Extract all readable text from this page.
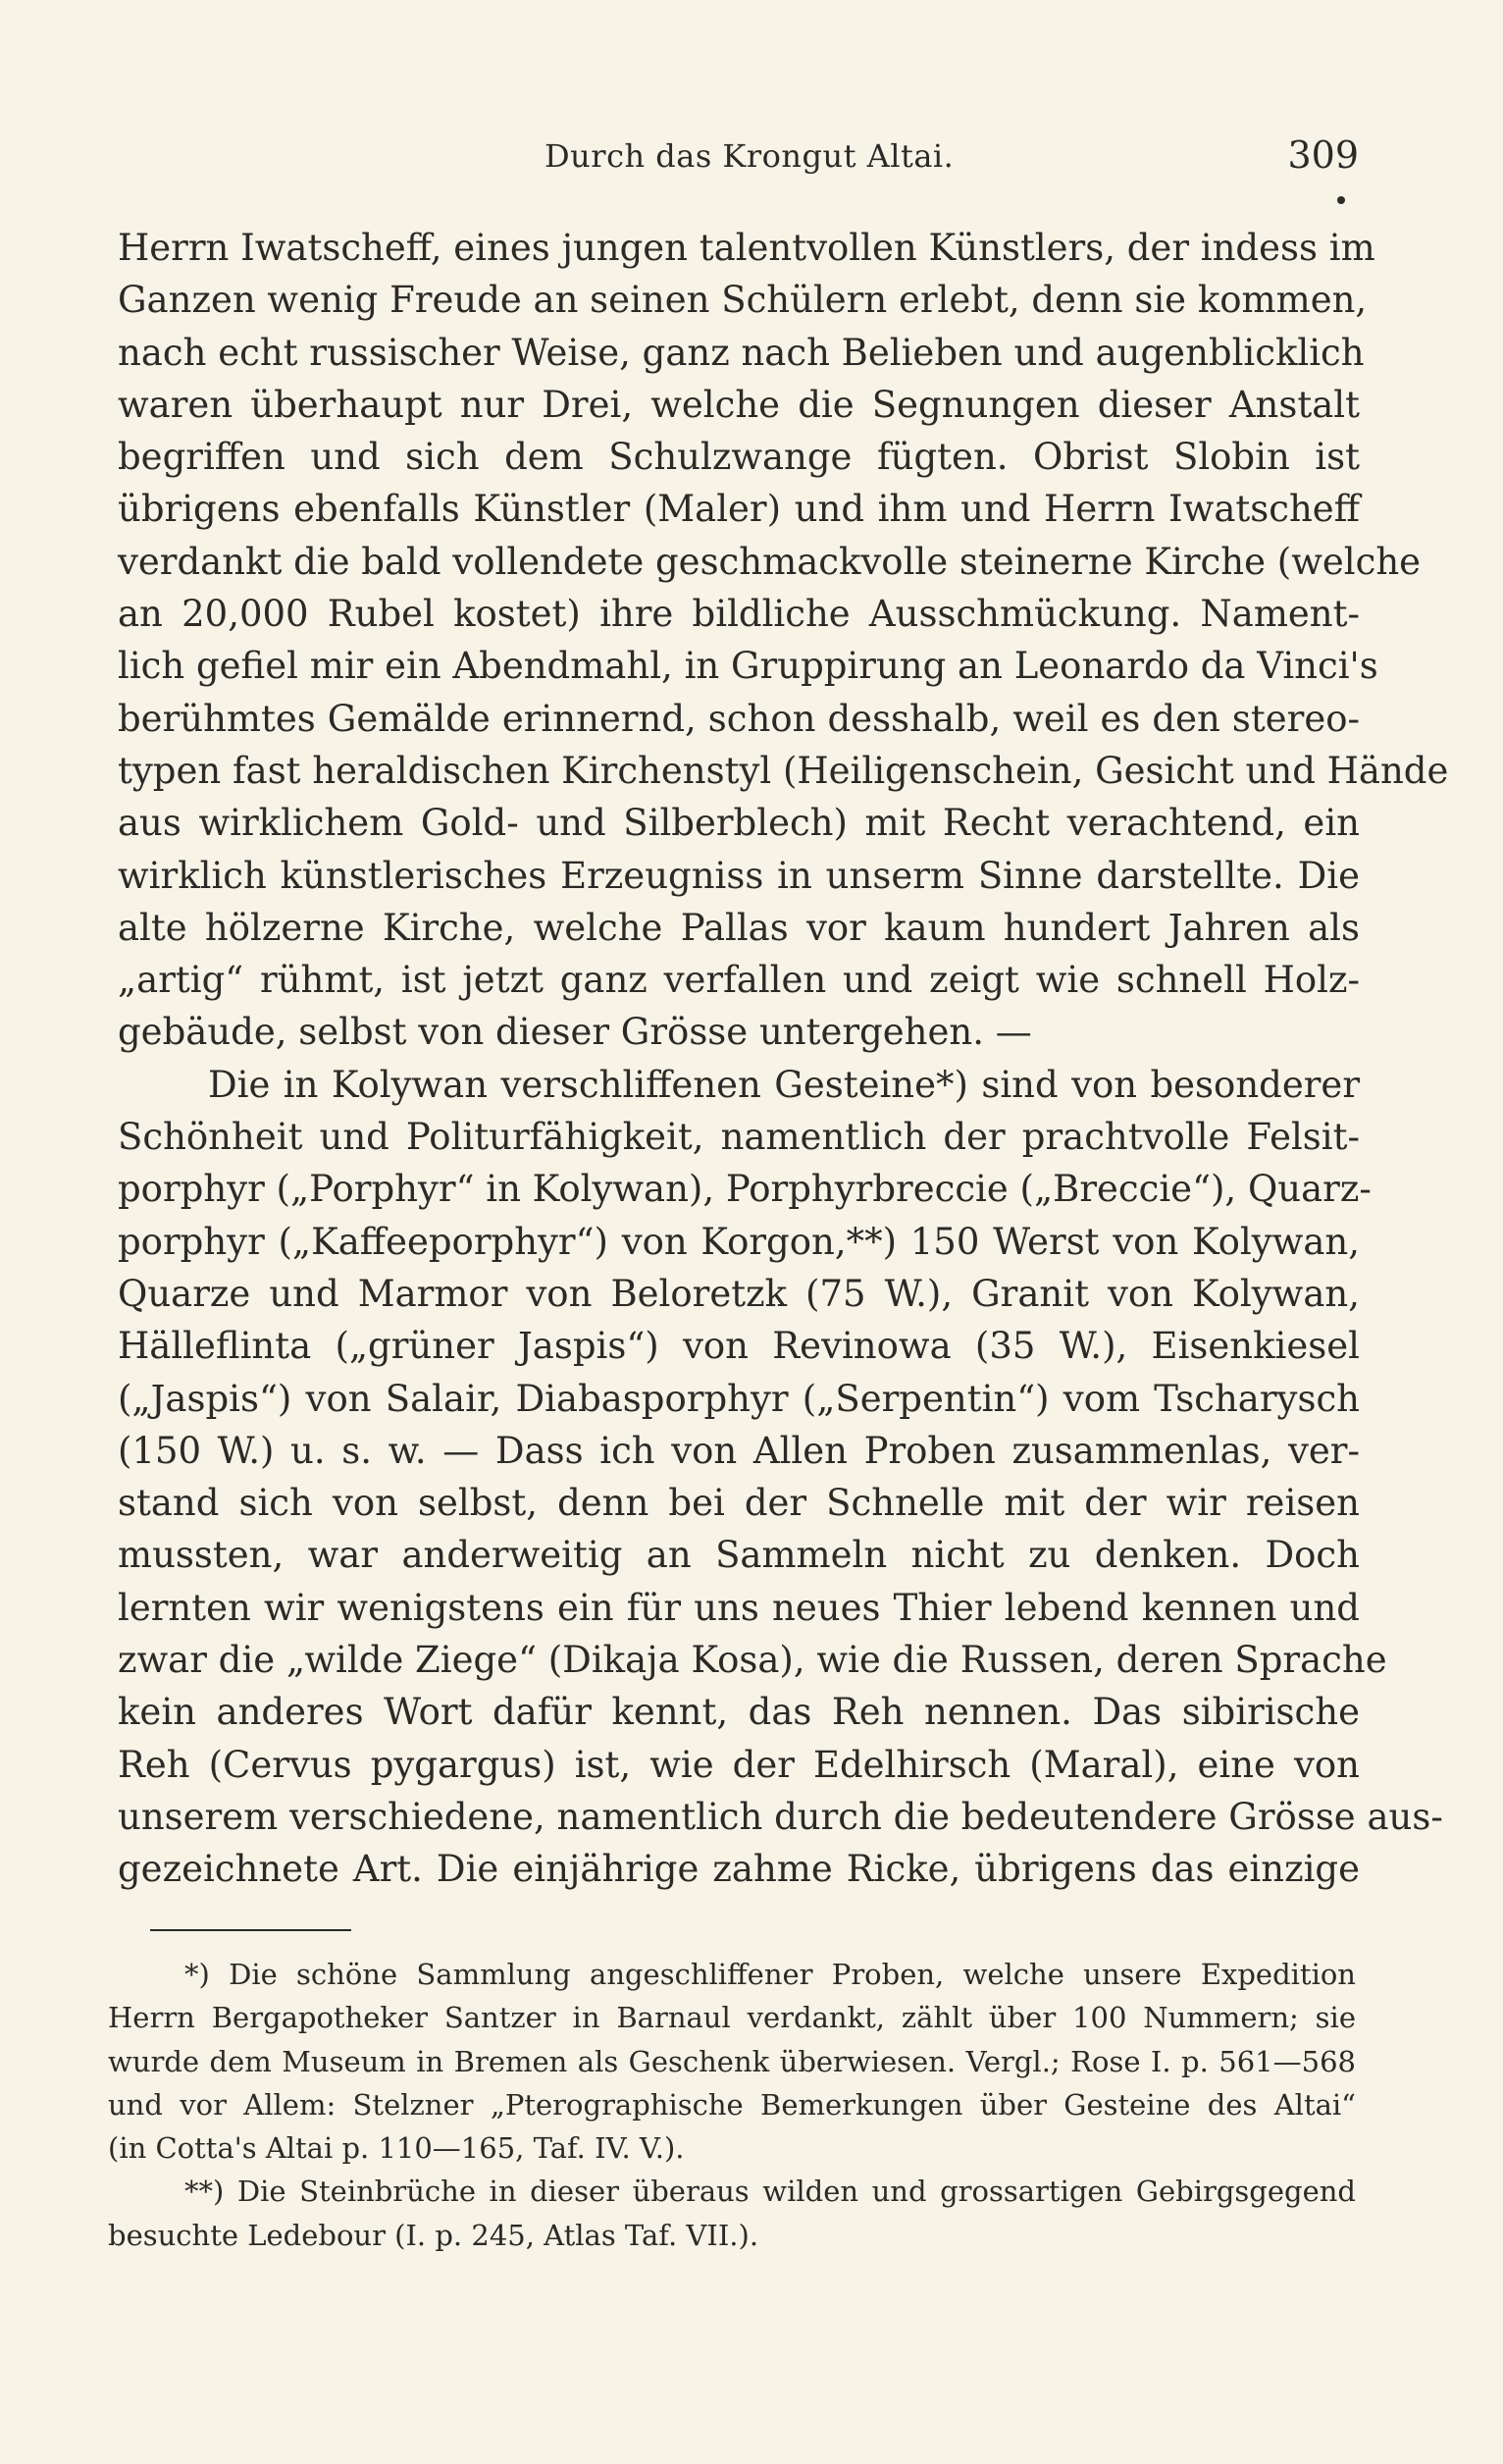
Durch das Krongut Altai.	309
Herrn Iwatscheff, eines jungen talentvollen Künstlers, der indess im
Ganzen wenig Freude an seinen Schülern erlebt, denn sie kommen,
nach echt russischer Weise, ganz nach Belieben und augenblicklich
waren überhaupt nur Drei, welche die Segnungen dieser Anstalt
begriffen und sich dem Schulzwange fügten. Obrist Slobin ist
übrigens ebenfalls Künstler (Maler) und ihm und Herrn Iwatscheff
verdankt die bald vollendete geschmackvolle steinerne Kirche (welche
an 20,000 Rubel kostet) ihre bildliche Ausschmückung. Nament-
lich gefiel mir ein Abendmahl, in Gruppirung an Leonardo da Vinci's
berühmtes Gemälde erinnernd, schon desshalb, weil es den stereo-
typen fast heraldischen Kirchenstyl (Heiligenschein, Gesicht und Hände
aus wirklichem Gold- und Silberblech) mit Recht verachtend, ein
wirklich künstlerisches Erzeugniss in unserm Sinne darstellte. Die
alte hölzerne Kirche, welche Pallas vor kaum hundert Jahren als
„artig“ rühmt, ist jetzt ganz verfallen und zeigt wie schnell Holz-
gebäude, selbst von dieser Grösse untergehen. —
Die in Kolywan verschliffenen Gesteine*) sind von besonderer
Schönheit und Politurfähigkeit, namentlich der prachtvolle Felsit-
porphyr („Porphyr“ in Kolywan), Porphyrbreccie („Breccie“), Quarz-
porphyr („Kaffeeporphyr“) von Korgon,**) 150 Werst von Kolywan,
Quarze und Marmor von Beloretzk (75 W.), Granit von Kolywan,
Hälleflinta („grüner Jaspis“) von Revinowa (35 W.), Eisenkiesel
(„Jaspis“) von Salair, Diabasporphyr („Serpentin“) vom Tscharysch
(150 W.) u. s. w. — Dass ich von Allen Proben zusammenlas, ver-
stand sich von selbst, denn bei der Schnelle mit der wir reisen
mussten, war anderweitig an Sammeln nicht zu denken. Doch
lernten wir wenigstens ein für uns neues Thier lebend kennen und
zwar die „wilde Ziege“ (Dikaja Kosa), wie die Russen, deren Sprache
kein anderes Wort dafür kennt, das Reh nennen. Das sibirische
Reh (Cervus pygargus) ist, wie der Edelhirsch (Maral), eine von
unserem verschiedene, namentlich durch die bedeutendere Grösse aus-
gezeichnete Art. Die einjährige zahme Ricke, übrigens das einzige
*) Die schöne Sammlung angeschliffener Proben, welche unsere Expedition
Herrn Bergapotheker Santzer in Barnaul verdankt, zählt über 100 Nummern; sie
wurde dem Museum in Bremen als Geschenk überwiesen. Vergl.; Rose I. p. 561—568
und vor Allem: Stelzner „Pterographische Bemerkungen über Gesteine des Altai“
(in Cotta's Altai p. 110—165, Taf. IV. V.).
**) Die Steinbrüche in dieser überaus wilden und grossartigen Gebirgsgegend
besuchte Ledebour (I. p. 245, Atlas Taf. VII.).
